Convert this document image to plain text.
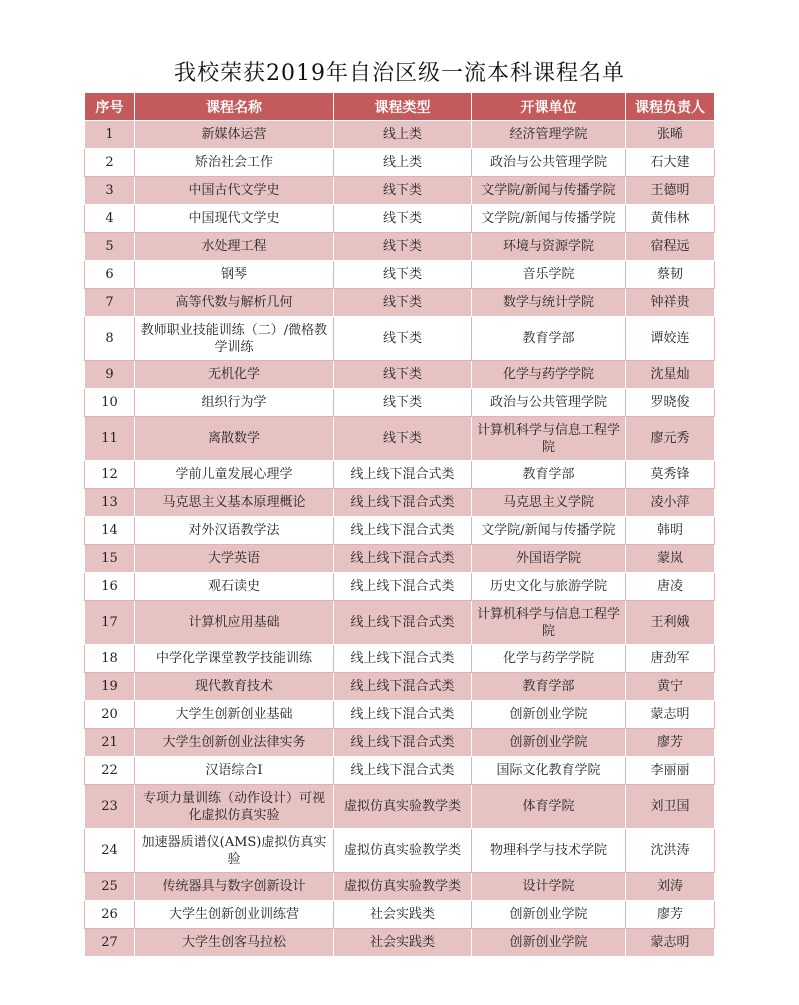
我校荣获2019年自治区级一流本科课程名单
序号	课程名称	课程类型	开课单位	课程负责人
1	新媒体运营	线上类	经济管理学院	张晞
2	矫治社会工作	线上类	政治与公共管理学院	石大建
3	中国古代文学史	线下类	文学院/新闻与传播学院	王德明
4	中国现代文学史	线下类	文学院/新闻与传播学院	黄伟林
5	水处理工程	线下类	环境与资源学院	宿程远
6	钢琴	线下类	音乐学院	蔡韧
7	高等代数与解析几何	线下类	数学与统计学院	钟祥贵
8	教师职业技能训练（二）/微格教学训练	线下类	教育学部	谭姣连
9	无机化学	线下类	化学与药学学院	沈星灿
10	组织行为学	线下类	政治与公共管理学院	罗晓俊
11	离散数学	线下类	计算机科学与信息工程学院	廖元秀
12	学前儿童发展心理学	线上线下混合式类	教育学部	莫秀锋
13	马克思主义基本原理概论	线上线下混合式类	马克思主义学院	凌小萍
14	对外汉语教学法	线上线下混合式类	文学院/新闻与传播学院	韩明
15	大学英语	线上线下混合式类	外国语学院	蒙岚
16	观石读史	线上线下混合式类	历史文化与旅游学院	唐凌
17	计算机应用基础	线上线下混合式类	计算机科学与信息工程学院	王利娥
18	中学化学课堂教学技能训练	线上线下混合式类	化学与药学学院	唐劲军
19	现代教育技术	线上线下混合式类	教育学部	黄宁
20	大学生创新创业基础	线上线下混合式类	创新创业学院	蒙志明
21	大学生创新创业法律实务	线上线下混合式类	创新创业学院	廖芳
22	汉语综合Ⅰ	线上线下混合式类	国际文化教育学院	李丽丽
23	专项力量训练（动作设计）可视化虚拟仿真实验	虚拟仿真实验教学类	体育学院	刘卫国
24	加速器质谱仪(AMS)虚拟仿真实验	虚拟仿真实验教学类	物理科学与技术学院	沈洪涛
25	传统器具与数字创新设计	虚拟仿真实验教学类	设计学院	刘涛
26	大学生创新创业训练营	社会实践类	创新创业学院	廖芳
27	大学生创客马拉松	社会实践类	创新创业学院	蒙志明
